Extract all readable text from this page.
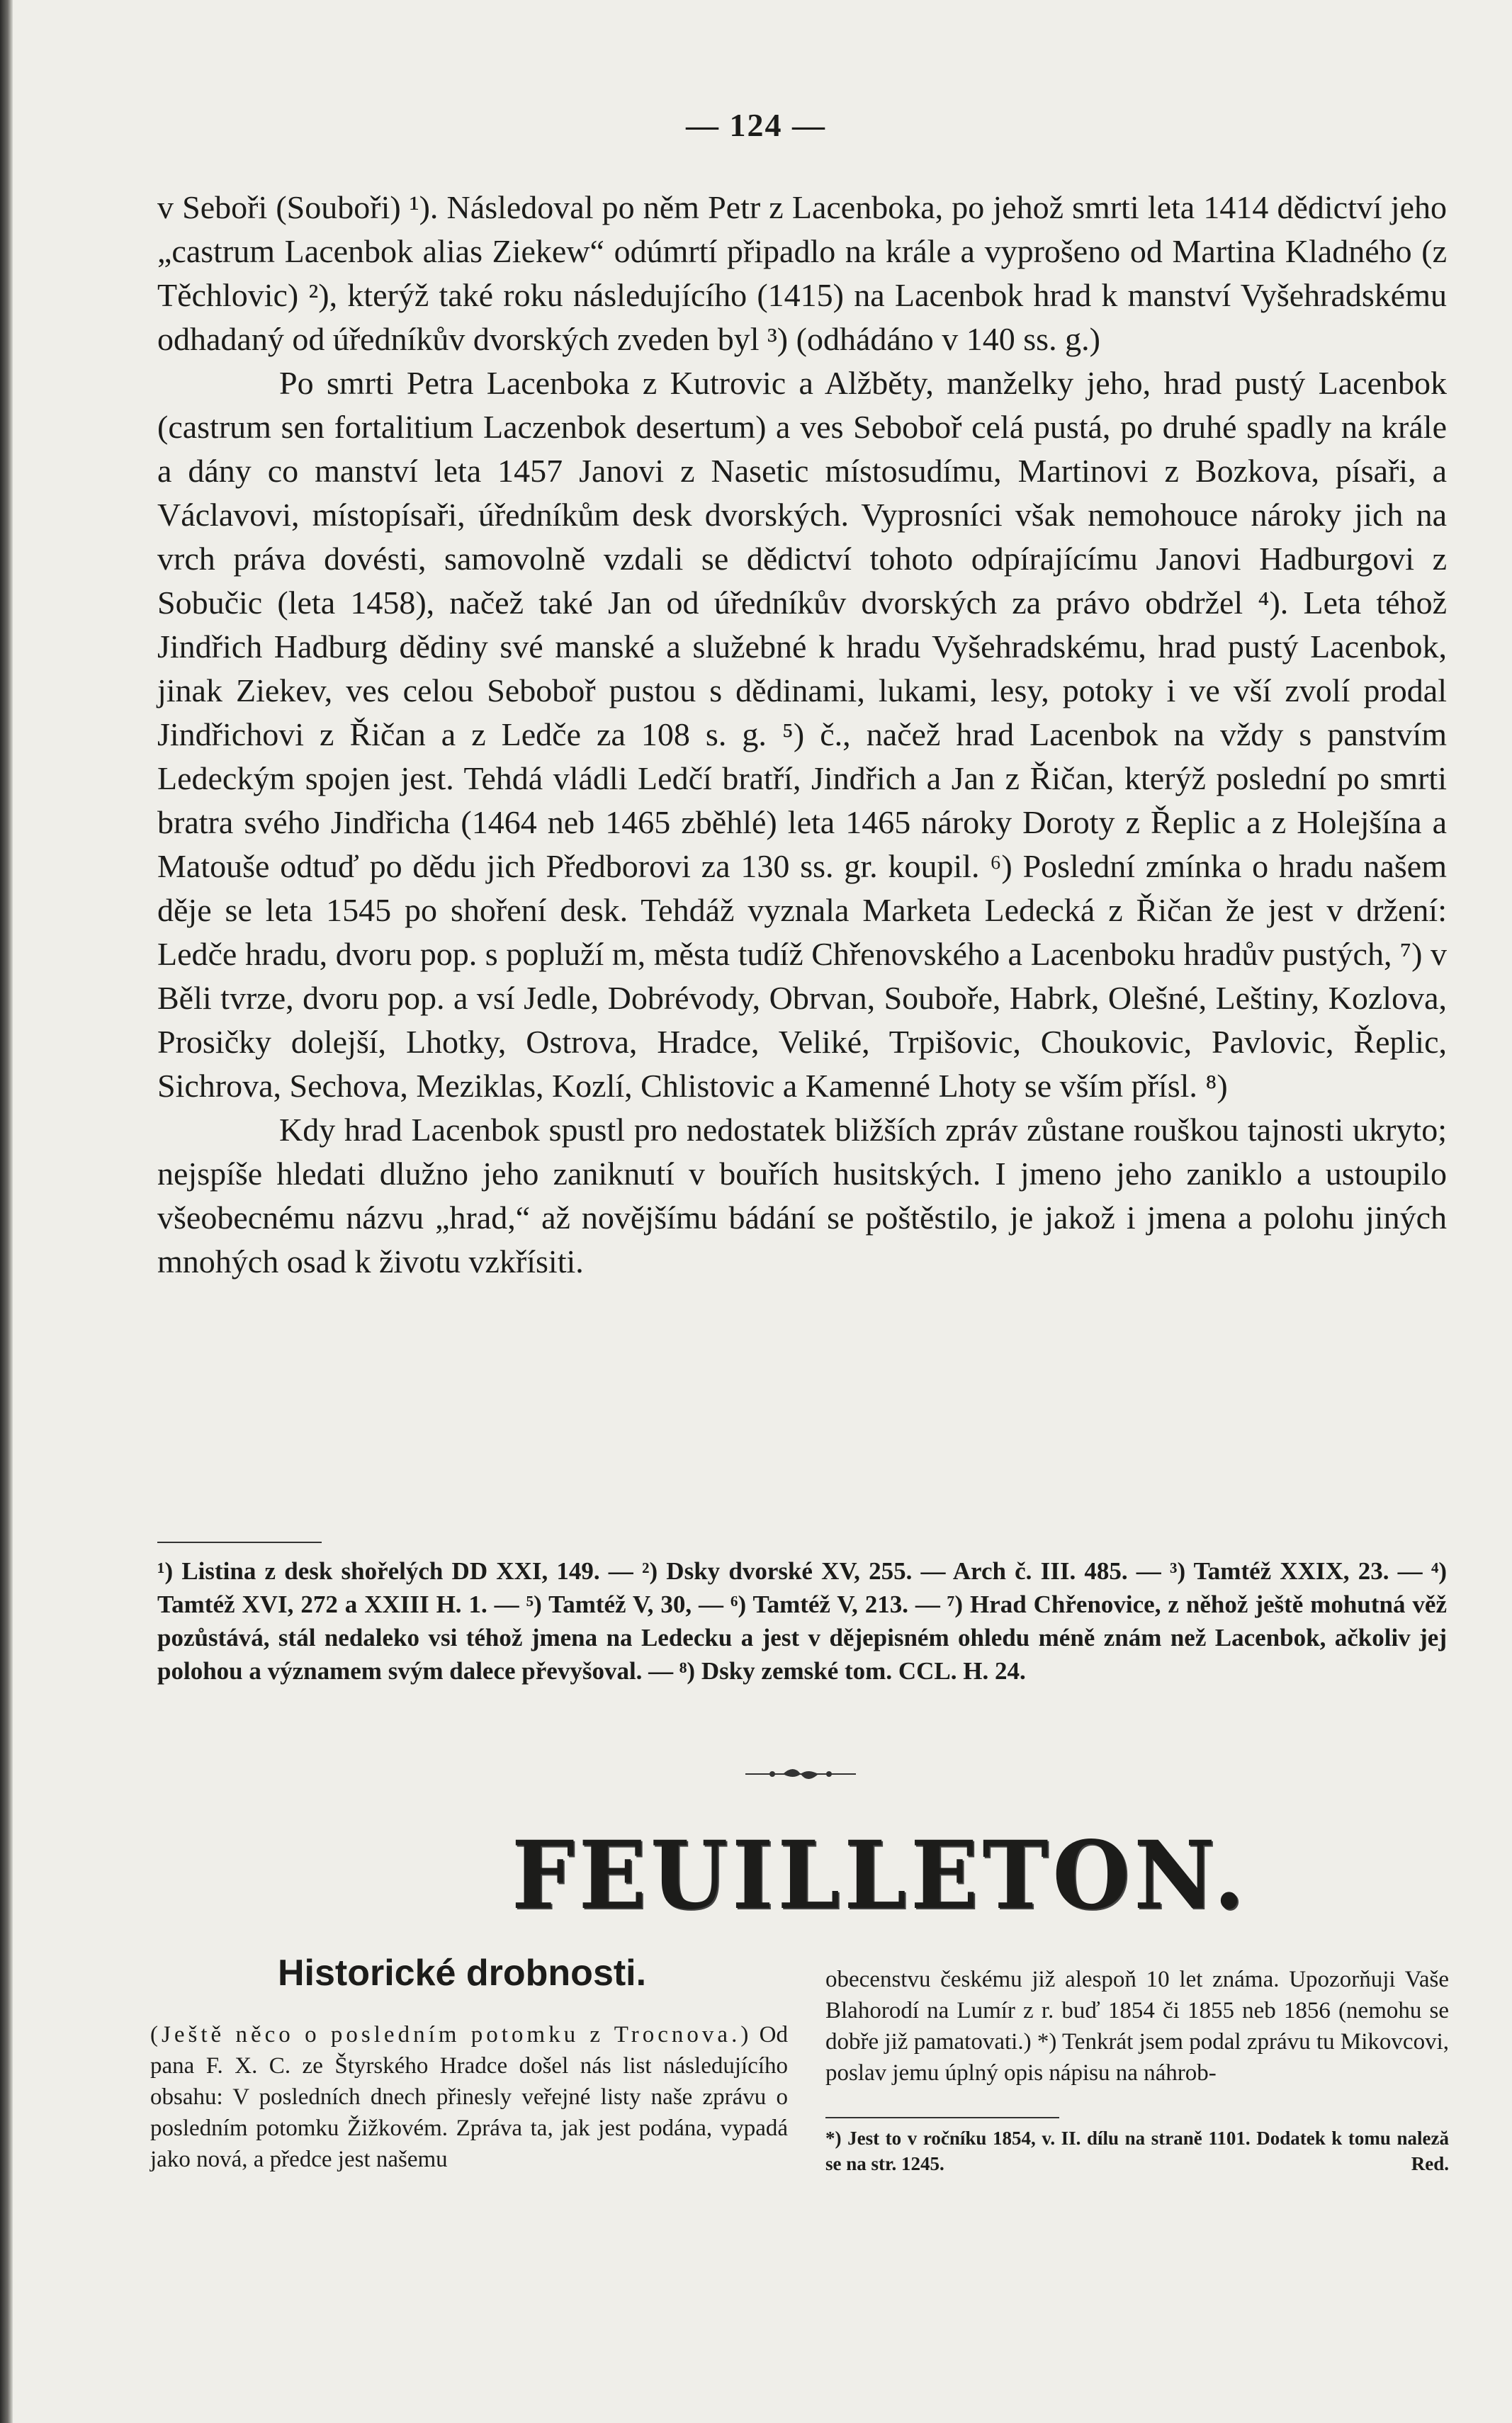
— 124 —

v Seboři (Souboři) ¹). Následoval po něm Petr z Lacenboka, po jehož smrti leta 1414 dědictví jeho „castrum Lacenbok alias Ziekew“ odúmrtí připadlo na krále a vyprošeno od Martina Kladného (z Těchlovic) ²), kterýž také roku následujícího (1415) na Lacenbok hrad k manství Vyšehradskému odhadaný od úředníkův dvorských zveden byl ³) (odhádáno v 140 ss. g.)

Po smrti Petra Lacenboka z Kutrovic a Alžběty, manželky jeho, hrad pustý Lacenbok (castrum sen fortalitium Laczenbok desertum) a ves Seboboř celá pustá, po druhé spadly na krále a dány co manství leta 1457 Janovi z Nasetic místosudímu, Martinovi z Bozkova, písaři, a Václavovi, místopísaři, úředníkům desk dvorských. Vyprosníci však nemohouce nároky jich na vrch práva dovésti, samovolně vzdali se dědictví tohoto odpírajícímu Janovi Hadburgovi z Sobučic (leta 1458), načež také Jan od úředníkův dvorských za právo obdržel ⁴). Leta téhož Jindřich Hadburg dědiny své manské a služebné k hradu Vyšehradskému, hrad pustý Lacenbok, jinak Ziekev, ves celou Seboboř pustou s dědinami, lukami, lesy, potoky i ve vší zvolí prodal Jindřichovi z Řičan a z Ledče za 108 s. g. ⁵) č., načež hrad Lacenbok na vždy s panstvím Ledeckým spojen jest. Tehdá vládli Ledčí bratří, Jindřich a Jan z Řičan, kterýž poslední po smrti bratra svého Jindřicha (1464 neb 1465 zběhlé) leta 1465 nároky Doroty z Řeplic a z Holejšína a Matouše odtuď po dědu jich Předborovi za 130 ss. gr. koupil. ⁶) Poslední zmínka o hradu našem děje se leta 1545 po shoření desk. Tehdáž vyznala Marketa Ledecká z Řičan že jest v držení: Ledče hradu, dvoru pop. s popluží m, města tudíž Chřenovského a Lacenboku hradův pustých, ⁷) v Běli tvrze, dvoru pop. a vsí Jedle, Dobrévody, Obrvan, Souboře, Habrk, Olešné, Leštiny, Kozlova, Prosičky dolejší, Lhotky, Ostrova, Hradce, Veliké, Trpišovic, Choukovic, Pavlovic, Řeplic, Sichrova, Sechova, Meziklas, Kozlí, Chlistovic a Kamenné Lhoty se vším přísl. ⁸)

Kdy hrad Lacenbok spustl pro nedostatek bližších zpráv zůstane rouškou tajnosti ukryto; nejspíše hledati dlužno jeho zaniknutí v bouřích husitských. I jmeno jeho zaniklo a ustoupilo všeobecnému názvu „hrad,“ až novějšímu bádání se poštěstilo, je jakož i jmena a polohu jiných mnohých osad k životu vzkřísiti.

¹) Listina z desk shořelých DD XXI, 149. — ²) Dsky dvorské XV, 255. — Arch č. III. 485. — ³) Tamtéž XXIX, 23. — ⁴) Tamtéž XVI, 272 a XXIII H. 1. — ⁵) Tamtéž V, 30, — ⁶) Tamtéž V, 213. — ⁷) Hrad Chřenovice, z něhož ještě mohutná věž pozůstává, stál nedaleko vsi téhož jmena na Ledecku a jest v dějepisném ohledu méně znám než Lacenbok, ačkoliv jej polohou a významem svým dalece převyšoval. — ⁸) Dsky zemské tom. CCL. H. 24.

FEUILLETON.
Historické drobnosti.

(Ještě něco o posledním potomku z Trocnova.) Od pana F. X. C. ze Štyrského Hradce došel nás list následujícího obsahu: V posledních dnech přinesly veřejné listy naše zprávu o posledním potomku Žižkovém. Zpráva ta, jak jest podána, vypadá jako nová, a předce jest našemu

obecenstvu českému již alespoň 10 let známa. Upozorňuji Vaše Blahorodí na Lumír z r. buď 1854 či 1855 neb 1856 (nemohu se dobře již pamatovati.) *) Tenkrát jsem podal zprávu tu Mikovcovi, poslav jemu úplný opis nápisu na náhrob-

*) Jest to v ročníku 1854, v. II. dílu na straně 1101. Dodatek k tomu naleză se na str. 1245.	Red.
